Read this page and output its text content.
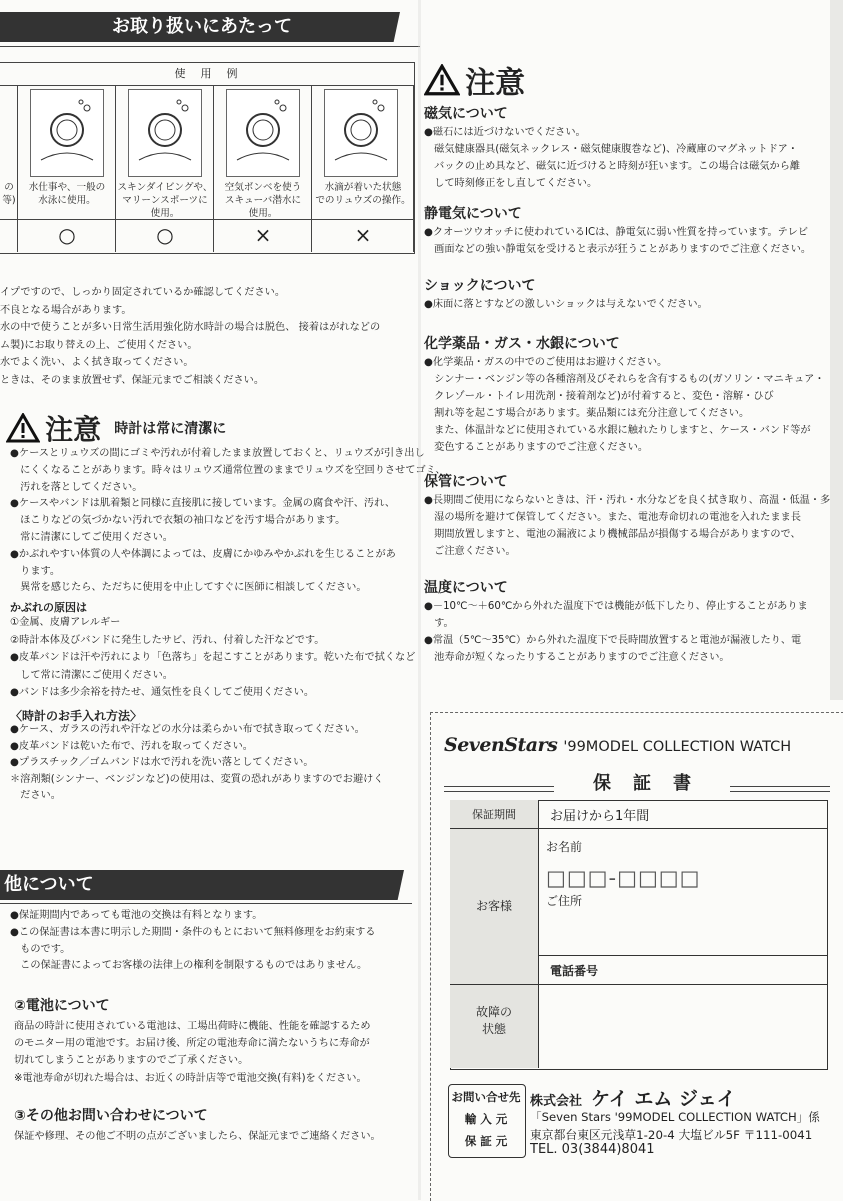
お取り扱いにあたって
使　用　例
の
等)
水仕事や、一般の
水泳に使用。
○
スキンダイビングや、
マリーンスポーツに
使用。
○
空気ボンベを使う
スキューバ潜水に
使用。
×
水滴が着いた状態
でのリュウズの操作。
×
イプですので、しっかり固定されているか確認してください。
不良となる場合があります。
水の中で使うことが多い日常生活用強化防水時計の場合は脱色、 接着はがれなどの
ム製)にお取り替えの上、ご使用ください。
水でよく洗い、よく拭き取ってください。
ときは、そのまま放置せず、保証元までご相談ください。
注意 時計は常に清潔に
●ケースとリュウズの間にゴミや汚れが付着したまま放置しておくと、リュウズが引き出し
　にくくなることがあります。時々はリュウズ通常位置のままでリュウズを空回りさせてゴミ、
　汚れを落としてください。
●ケースやバンドは肌着類と同様に直接肌に接しています。金属の腐食や汗、汚れ、
　ほこりなどの気づかない汚れで衣類の袖口などを汚す場合があります。
　常に清潔にしてご使用ください。
●かぶれやすい体質の人や体調によっては、皮膚にかゆみやかぶれを生じることがあ
　ります。
　異常を感じたら、ただちに使用を中止してすぐに医師に相談してください。
かぶれの原因は
①金属、皮膚アレルギー
②時計本体及びバンドに発生したサビ、汚れ、付着した汗などです。
●皮革バンドは汗や汚れにより「色落ち」を起こすことがあります。乾いた布で拭くなど
　して常に清潔にご使用ください。
●バンドは多少余裕を持たせ、通気性を良くしてご使用ください。
〈時計のお手入れ方法〉
●ケース、ガラスの汚れや汗などの水分は柔らかい布で拭き取ってください。
●皮革バンドは乾いた布で、汚れを取ってください。
●プラスチック／ゴムバンドは水で汚れを洗い落としてください。
＊溶剤類(シンナー、ベンジンなど)の使用は、変質の恐れがありますのでお避けく
　ださい。
他について
●保証期間内であっても電池の交換は有料となります。
●この保証書は本書に明示した期間・条件のもとにおいて無料修理をお約束する
　ものです。
　この保証書によってお客様の法律上の権利を制限するものではありません。
②電池について
商品の時計に使用されている電池は、工場出荷時に機能、性能を確認するため
のモニター用の電池です。お届け後、所定の電池寿命に満たないうちに寿命が
切れてしまうことがありますのでご了承ください。
※電池寿命が切れた場合は、お近くの時計店等で電池交換(有料)をください。
③その他お問い合わせについて
保証や修理、その他ご不明の点がございましたら、保証元までご連絡ください。
注意
磁気について
●磁石には近づけないでください。
　磁気健康器具(磁気ネックレス・磁気健康腹巻など)、冷蔵庫のマグネットドア・
　バックの止め具など、磁気に近づけると時刻が狂います。この場合は磁気から離
　して時刻修正をし直してください。
静電気について
●クオーツウオッチに使われているICは、静電気に弱い性質を持っています。テレビ
　画面などの強い静電気を受けると表示が狂うことがありますのでご注意ください。
ショックについて
●床面に落とすなどの激しいショックは与えないでください。
化学薬品・ガス・水銀について
●化学薬品・ガスの中でのご使用はお避けください。
　シンナー・ベンジン等の各種溶剤及びそれらを含有するもの(ガソリン・マニキュア・
　クレゾール・トイレ用洗剤・接着剤など)が付着すると、変色・溶解・ひび
　割れ等を起こす場合があります。薬品類には充分注意してください。
　また、体温計などに使用されている水銀に触れたりしますと、ケース・バンド等が
　変色することがありますのでご注意ください。
保管について
●長期間ご使用にならないときは、汗・汚れ・水分などを良く拭き取り、高温・低温・多
　湿の場所を避けて保管してください。また、電池寿命切れの電池を入れたまま長
　期間放置しますと、電池の漏液により機械部品が損傷する場合がありますので、
　ご注意ください。
温度について
●－10℃～＋60℃から外れた温度下では機能が低下したり、停止することがありま
　す。
●常温（5℃～35℃）から外れた温度下で長時間放置すると電池が漏液したり、電
　池寿命が短くなったりすることがありますのでご注意ください。
SevenStars '99MODEL COLLECTION WATCH
保　証　書
保証期間	お届けから1年間
お名前
□□□-□□□□
ご住所
お客様
電話番号
故障の
状態
お問い合せ先
輸 入 元
保 証 元
株式会社 ケイ エム ジェイ
「Seven Stars '99MODEL COLLECTION WATCH」係
東京都台東区元浅草1-20-4 大塩ビル5F 〒111-0041
TEL. 03(3844)8041
